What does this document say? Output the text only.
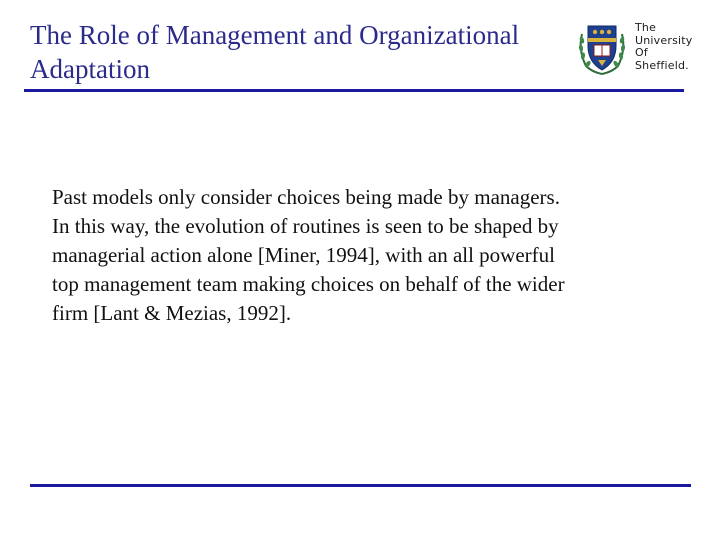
The Role of Management and Organizational
Adaptation
The
University
Of
Sheffield.
Past models only consider choices being made by managers.
In this way, the evolution of routines is seen to be shaped by
managerial action alone [Miner, 1994], with an all powerful
top management team making choices on behalf of the wider
firm [Lant & Mezias, 1992].
